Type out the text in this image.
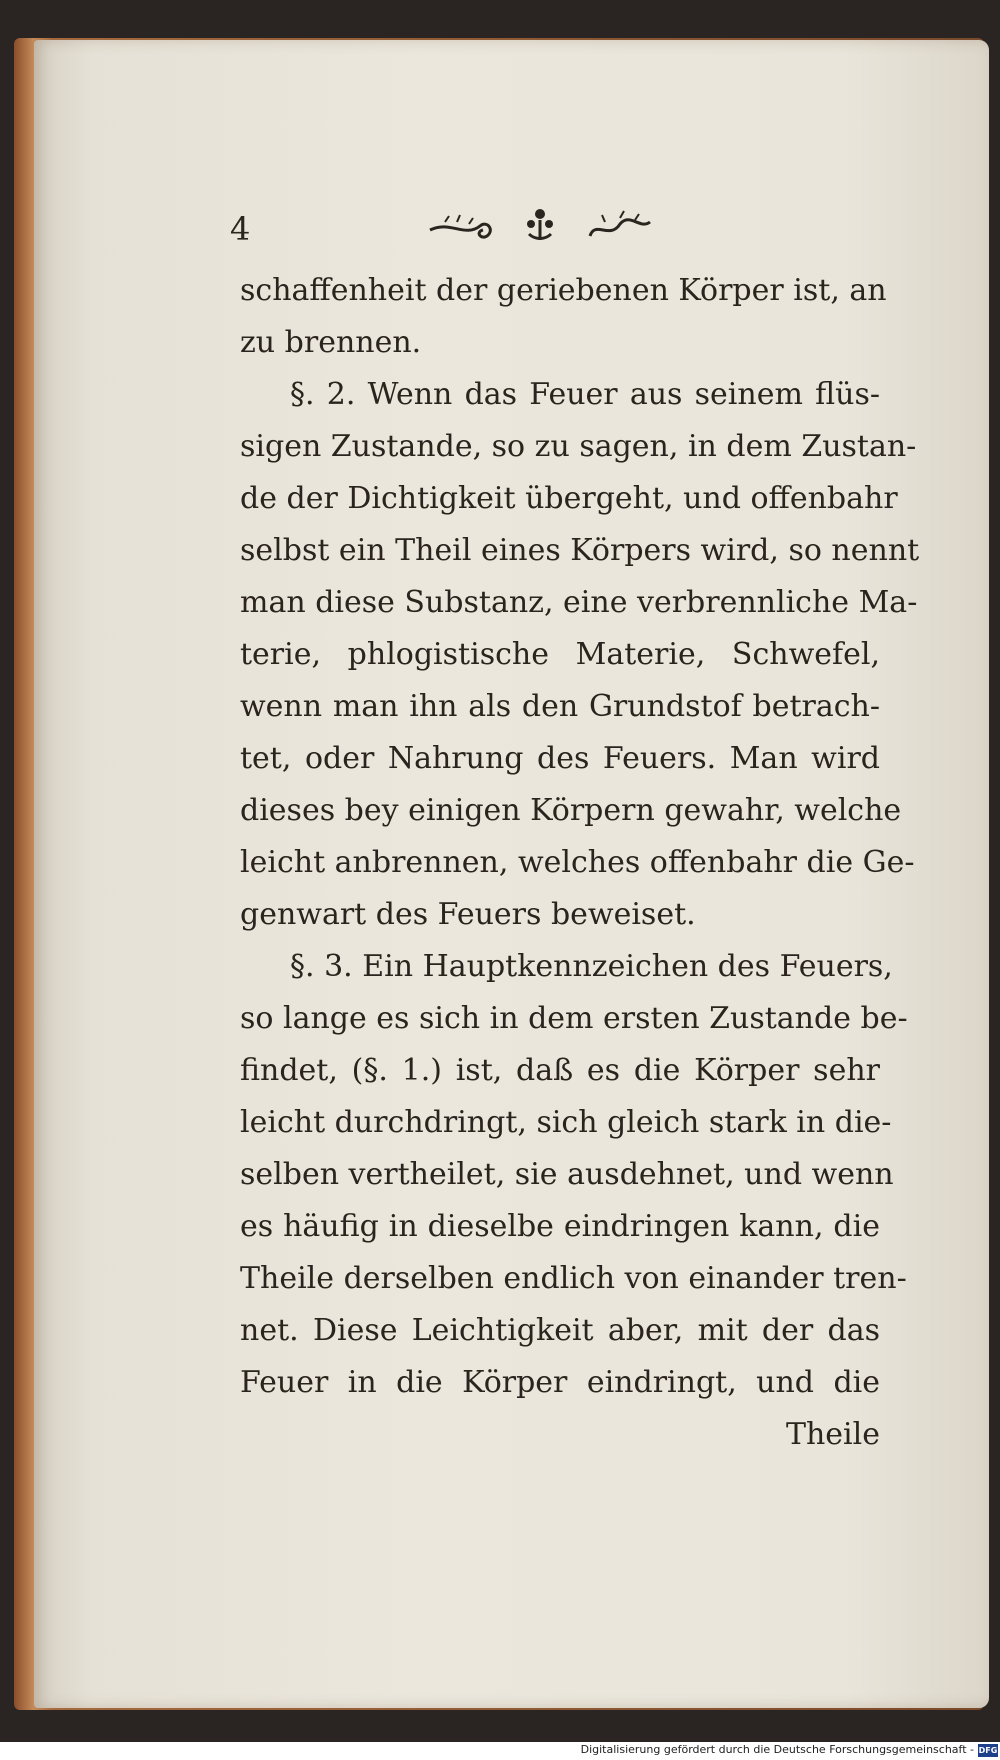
4
schaffenheit der geriebenen Körper ist, an
zu brennen.
§. 2. Wenn das Feuer aus seinem flüs-
sigen Zustande, so zu sagen, in dem Zustan-
de der Dichtigkeit übergeht, und offenbahr
selbst ein Theil eines Körpers wird, so nennt
man diese Substanz, eine verbrennliche Ma-
terie, phlogistische Materie, Schwefel,
wenn man ihn als den Grundstof betrach-
tet, oder Nahrung des Feuers. Man wird
dieses bey einigen Körpern gewahr, welche
leicht anbrennen, welches offenbahr die Ge-
genwart des Feuers beweiset.
§. 3. Ein Hauptkennzeichen des Feuers,
so lange es sich in dem ersten Zustande be-
findet, (§. 1.) ist, daß es die Körper sehr
leicht durchdringt, sich gleich stark in die-
selben vertheilet, sie ausdehnet, und wenn
es häufig in dieselbe eindringen kann, die
Theile derselben endlich von einander tren-
net. Diese Leichtigkeit aber, mit der das
Feuer in die Körper eindringt, und die
Theile
Digitalisierung gefördert durch die Deutsche Forschungsgemeinschaft - DFG
